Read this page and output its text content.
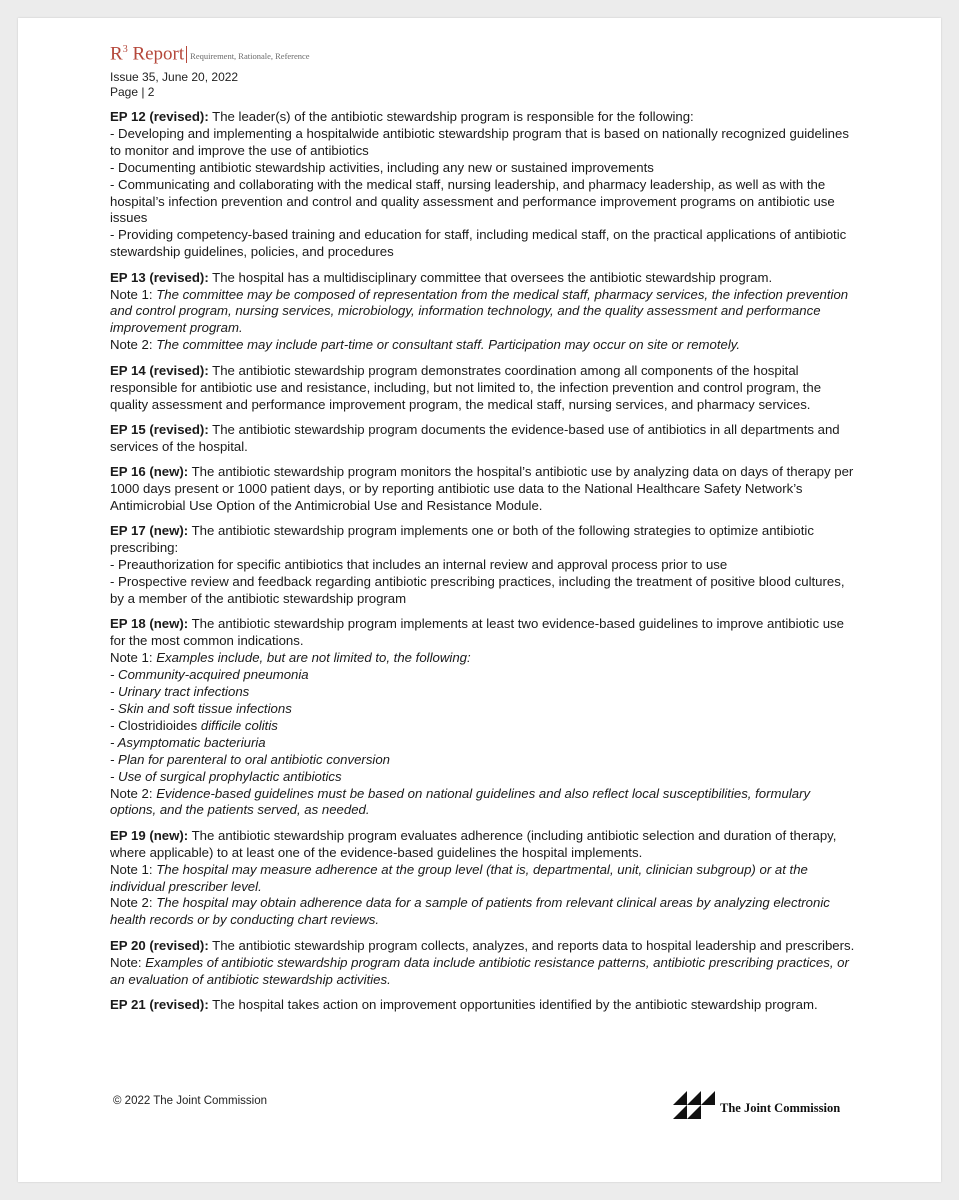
$R^3$ Report Requirement, Rationale, Reference
Issue 35, June 20, 2022
Page | 2
EP 12 (revised): The leader(s) of the antibiotic stewardship program is responsible for the following:
- Developing and implementing a hospitalwide antibiotic stewardship program that is based on nationally recognized guidelines to monitor and improve the use of antibiotics
- Documenting antibiotic stewardship activities, including any new or sustained improvements
- Communicating and collaborating with the medical staff, nursing leadership, and pharmacy leadership, as well as with the hospital’s infection prevention and control and quality assessment and performance improvement programs on antibiotic use issues
- Providing competency-based training and education for staff, including medical staff, on the practical applications of antibiotic stewardship guidelines, policies, and procedures
EP 13 (revised): The hospital has a multidisciplinary committee that oversees the antibiotic stewardship program.
Note 1: The committee may be composed of representation from the medical staff, pharmacy services, the infection prevention and control program, nursing services, microbiology, information technology, and the quality assessment and performance improvement program.
Note 2: The committee may include part-time or consultant staff. Participation may occur on site or remotely.
EP 14 (revised): The antibiotic stewardship program demonstrates coordination among all components of the hospital responsible for antibiotic use and resistance, including, but not limited to, the infection prevention and control program, the quality assessment and performance improvement program, the medical staff, nursing services, and pharmacy services.
EP 15 (revised): The antibiotic stewardship program documents the evidence-based use of antibiotics in all departments and services of the hospital.
EP 16 (new): The antibiotic stewardship program monitors the hospital’s antibiotic use by analyzing data on days of therapy per 1000 days present or 1000 patient days, or by reporting antibiotic use data to the National Healthcare Safety Network’s Antimicrobial Use Option of the Antimicrobial Use and Resistance Module.
EP 17 (new): The antibiotic stewardship program implements one or both of the following strategies to optimize antibiotic prescribing:
- Preauthorization for specific antibiotics that includes an internal review and approval process prior to use
- Prospective review and feedback regarding antibiotic prescribing practices, including the treatment of positive blood cultures, by a member of the antibiotic stewardship program
EP 18 (new): The antibiotic stewardship program implements at least two evidence-based guidelines to improve antibiotic use for the most common indications.
Note 1: Examples include, but are not limited to, the following:
- Community-acquired pneumonia
- Urinary tract infections
- Skin and soft tissue infections
- Clostridioides difficile colitis
- Asymptomatic bacteriuria
- Plan for parenteral to oral antibiotic conversion
- Use of surgical prophylactic antibiotics
Note 2: Evidence-based guidelines must be based on national guidelines and also reflect local susceptibilities, formulary options, and the patients served, as needed.
EP 19 (new): The antibiotic stewardship program evaluates adherence (including antibiotic selection and duration of therapy, where applicable) to at least one of the evidence-based guidelines the hospital implements.
Note 1: The hospital may measure adherence at the group level (that is, departmental, unit, clinician subgroup) or at the individual prescriber level.
Note 2: The hospital may obtain adherence data for a sample of patients from relevant clinical areas by analyzing electronic health records or by conducting chart reviews.
EP 20 (revised): The antibiotic stewardship program collects, analyzes, and reports data to hospital leadership and prescribers.
Note: Examples of antibiotic stewardship program data include antibiotic resistance patterns, antibiotic prescribing practices, or an evaluation of antibiotic stewardship activities.
EP 21 (revised): The hospital takes action on improvement opportunities identified by the antibiotic stewardship program.
© 2022 The Joint Commission	The Joint Commission
